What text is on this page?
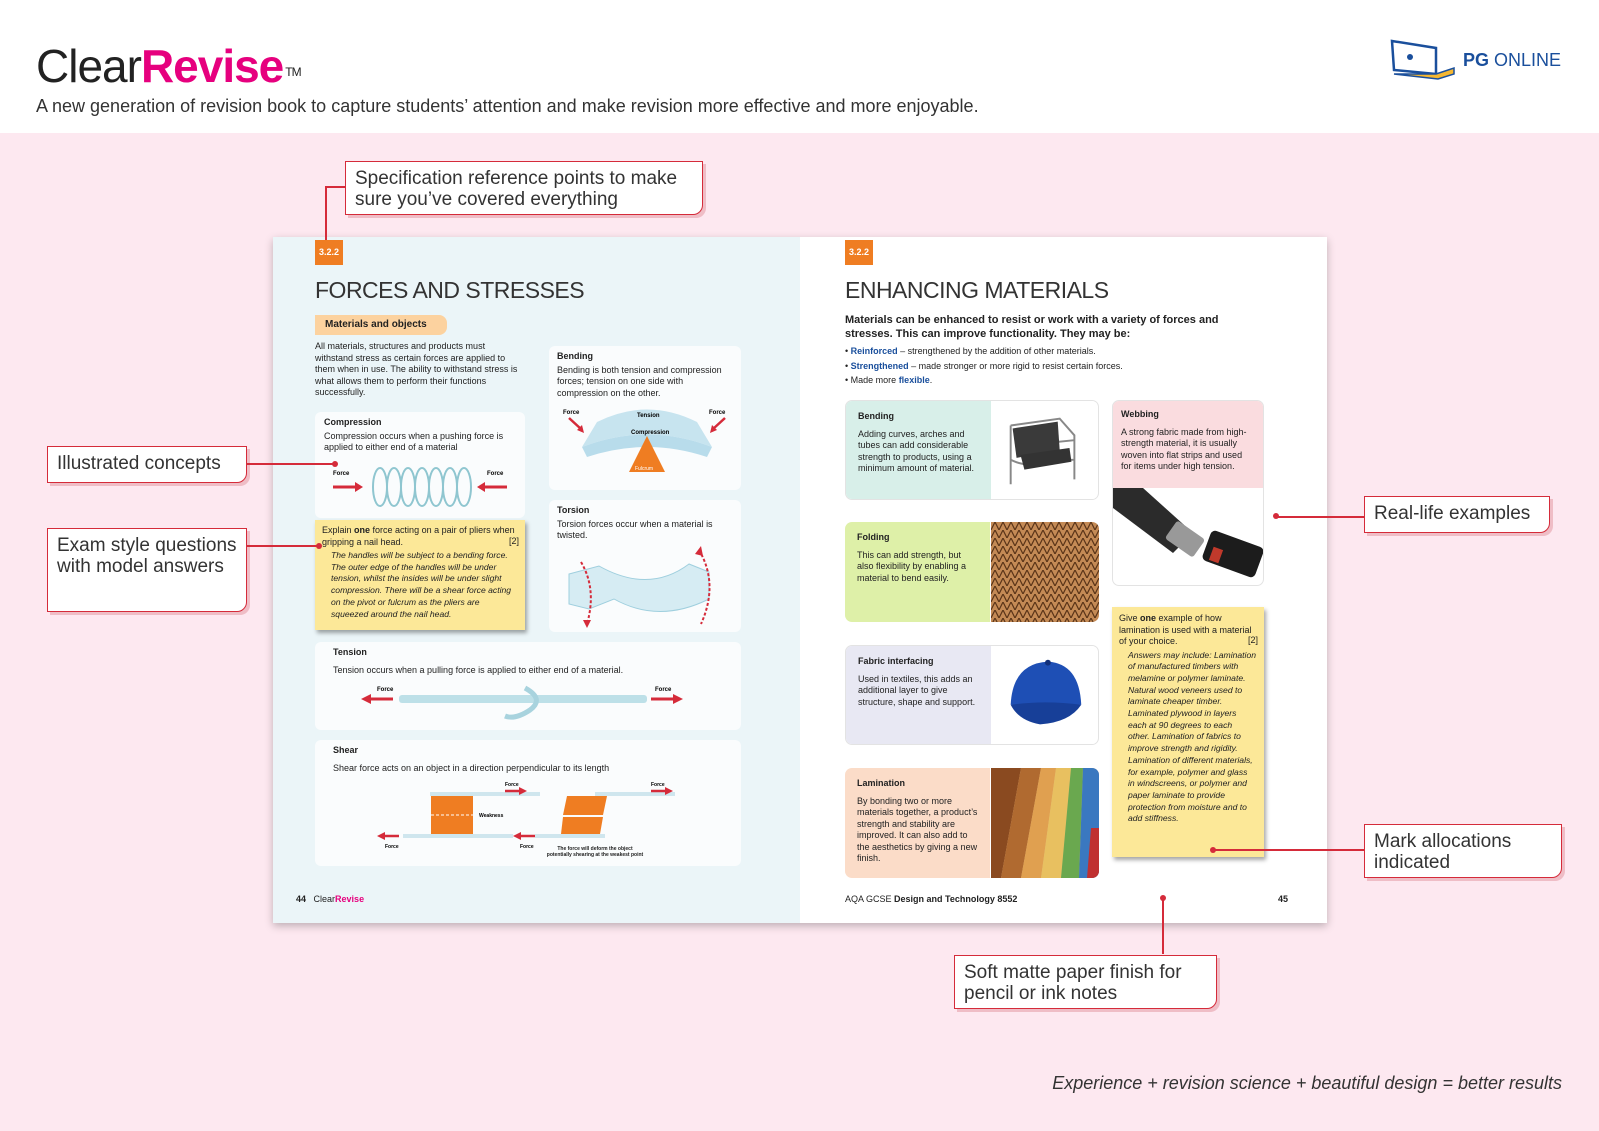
ClearRevise ™
A new generation of revision book to capture students’ attention and make revision more effective and more enjoyable.
PG ONLINE
3.2.2
FORCES AND STRESSES
Materials and objects
All materials, structures and products must withstand stress as certain forces are applied to them when in use. The ability to withstand stress is what allows them to perform their functions successfully.
Compression
Compression occurs when a pushing force is applied to either end of a material
Force	Force
Bending
Bending is both tension and compression forces; tension on one side with compression on the other.
Force	Force
Tension
Compression
Fulcrum
Explain one force acting on a pair of pliers when gripping a nail head.	[2]
The handles will be subject to a bending force. The outer edge of the handles will be under tension, whilst the insides will be under slight compression. There will be a shear force acting on the pivot or fulcrum as the pliers are squeezed around the nail head.
Torsion
Torsion forces occur when a material is twisted.
Tension
Tension occurs when a pulling force is applied to either end of a material.
Force	Force
Shear
Shear force acts on an object in a direction perpendicular to its length
Weakness
Force
Force
Force
Force	The force will deform the object potentially shearing at the weakest point
44 ClearRevise
3.2.2
ENHANCING MATERIALS
Materials can be enhanced to resist or work with a variety of forces and stresses. This can improve functionality. They may be:
• Reinforced – strengthened by the addition of other materials.
• Strengthened – made stronger or more rigid to resist certain forces.
• Made more flexible.
Bending
Adding curves, arches and tubes can add considerable strength to products, using a minimum amount of material.
Folding
This can add strength, but also flexibility by enabling a material to bend easily.
Fabric interfacing
Used in textiles, this adds an additional layer to give structure, shape and support.
Lamination
By bonding two or more materials together, a product’s strength and stability are improved. It can also add to the aesthetics by giving a new finish.
Webbing
A strong fabric made from high-strength material, it is usually woven into flat strips and used for items under high tension.
Give one example of how lamination is used with a material of your choice.	[2]
Answers may include: Lamination of manufactured timbers with melamine or polymer laminate. Natural wood veneers used to laminate cheaper timber. Laminated plywood in layers each at 90 degrees to each other. Lamination of fabrics to improve strength and rigidity. Lamination of different materials, for example, polymer and glass in windscreens, or polymer and paper laminate to provide protection from moisture and to add stiffness.
AQA GCSE Design and Technology 8552	45
Specification reference points to make sure you’ve covered everything
Illustrated concepts
Exam style questions with model answers
Real-life examples
Mark allocations indicated
Soft matte paper finish for pencil or ink notes
Experience + revision science + beautiful design = better results
